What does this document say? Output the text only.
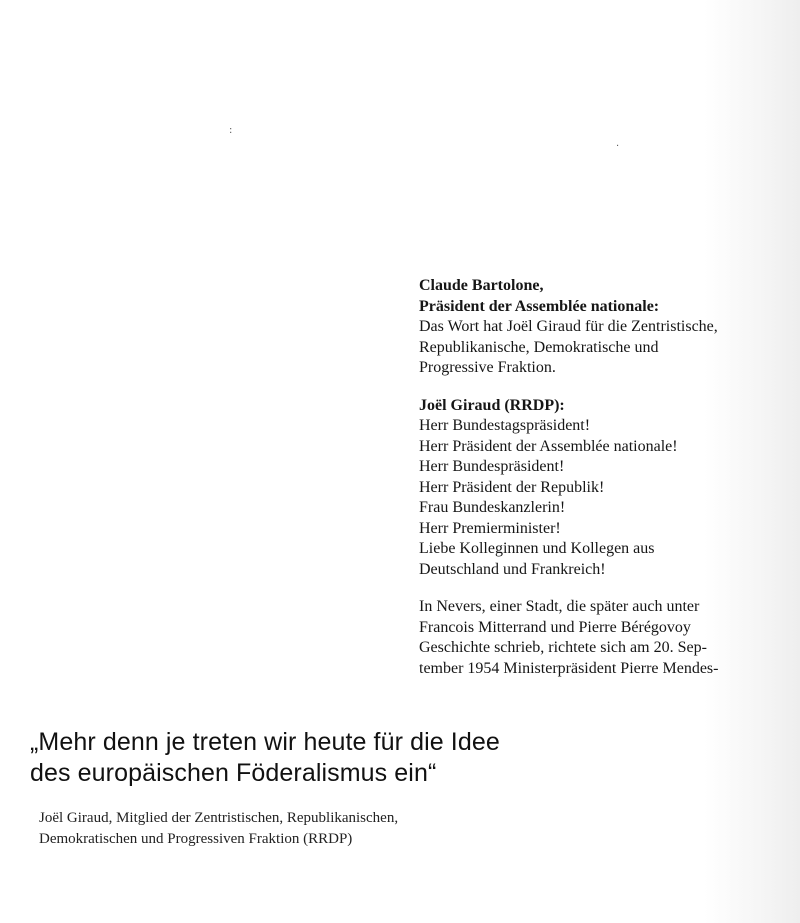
:
.
Claude Bartolone,
Präsident der Assemblée nationale:
Das Wort hat Joël Giraud für die Zentristische,
Republikanische, Demokratische und
Progressive Fraktion.
Joël Giraud (RRDP):
Herr Bundestagspräsident!
Herr Präsident der Assemblée nationale!
Herr Bundespräsident!
Herr Präsident der Republik!
Frau Bundeskanzlerin!
Herr Premierminister!
Liebe Kolleginnen und Kollegen aus
Deutschland und Frankreich!
In Nevers, einer Stadt, die später auch unter
Francois Mitterrand und Pierre Bérégovoy
Geschichte schrieb, richtete sich am 20. Sep-
tember 1954 Ministerpräsident Pierre Mendes-
„Mehr denn je treten wir heute für die Idee
des europäischen Föderalismus ein“
Joël Giraud, Mitglied der Zentristischen, Republikanischen,
Demokratischen und Progressiven Fraktion (RRDP)
